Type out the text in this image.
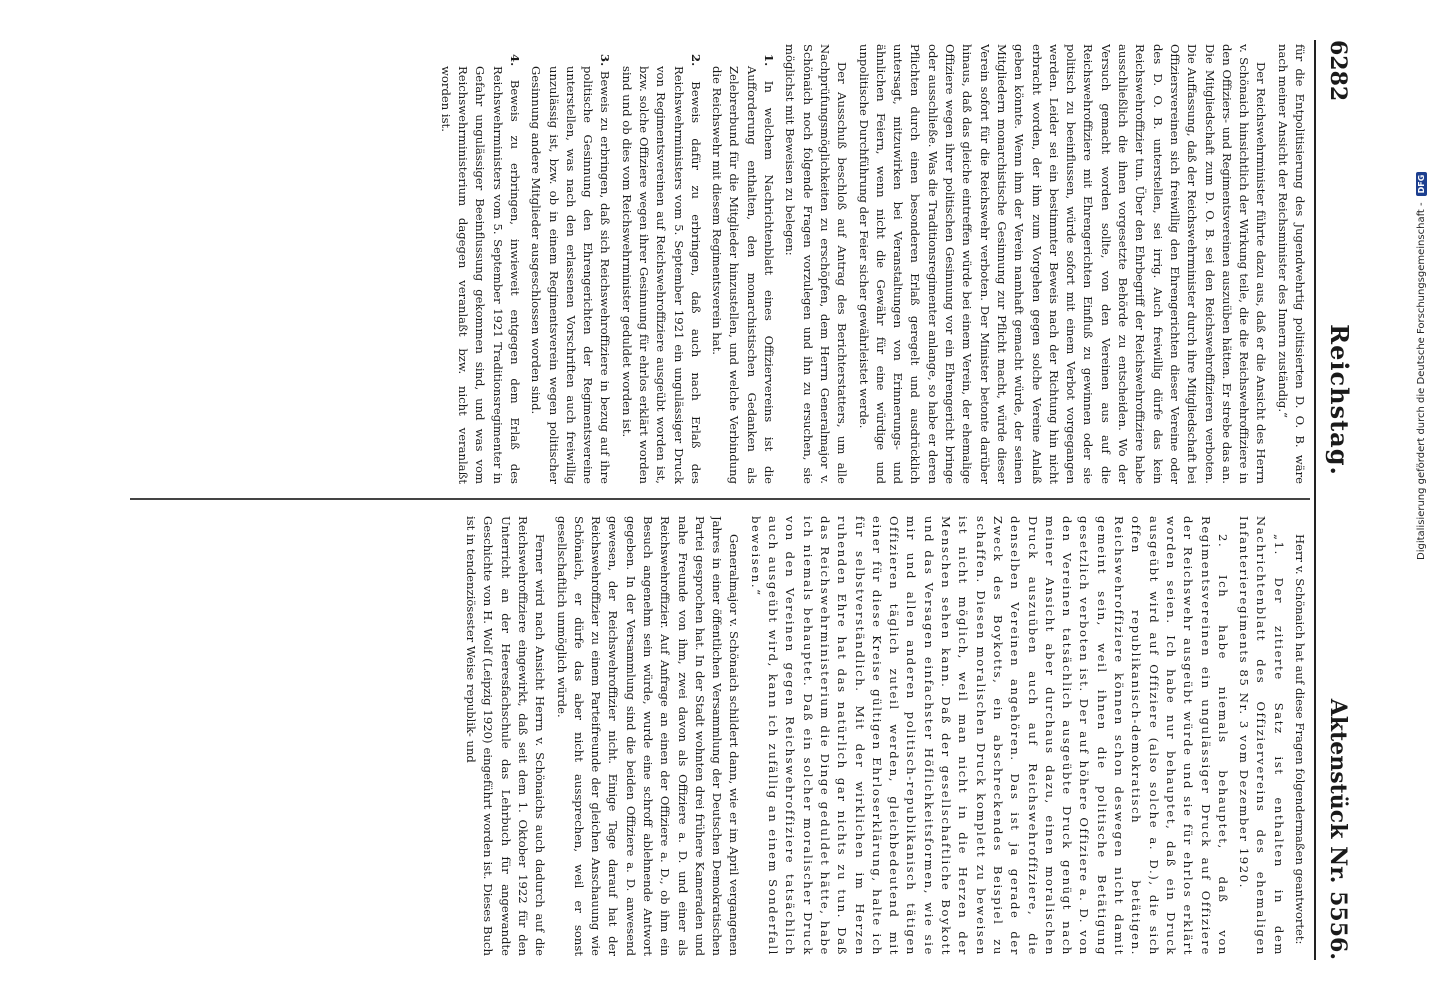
6282
Reichstag.
Aktenstück Nr. 5556.

für die Entpolitisierung des Jugendwehrtig politisierten D. O. B. wäre nach meiner Ansicht der Reichsminister des Innern zuständig.“

Der Reichswehrminister führte dazu aus, daß er die Ansicht des Herrn v. Schönaich hinsichtlich der Wirkung teile, die die Reichswehroffiziere in den Offiziers- und Regimentsvereinen auszuüben hätten. Er strebe das an. Die Mitgliedschaft zum D. O. B. sei den Reichswehroffizieren verboten. Die Auffassung, daß der Reichswehrminister durch ihre Mitgliedschaft bei Offiziersvereinen sich freiwillig den Ehrengerichten dieser Vereine oder des D. O. B. unterstellen, sei irrig. Auch freiwillig dürfe das kein Reichswehroffizier tun. Über den Ehrbegriff der Reichswehroffiziere habe ausschließlich die ihnen vorgesetzte Behörde zu entscheiden. Wo der Versuch gemacht worden sollte, von den Vereinen aus auf die Reichswehroffiziere mit Ehrengerichten Einfluß zu gewinnen oder sie politisch zu beeinflussen, würde sofort mit einem Verbot vorgegangen werden. Leider sei ein bestimmter Beweis nach der Richtung hin nicht erbracht worden, der ihm zum Vorgehen gegen solche Vereine Anlaß geben könnte. Wenn ihm der Verein namhaft gemacht würde, der seinen Mitgliedern monarchistische Gesinnung zur Pflicht macht, würde dieser Verein sofort für die Reichswehr verboten. Der Minister betonte darüber hinaus, daß das gleiche eintreffen würde bei einem Verein, der ehemalige Offiziere wegen ihrer politischen Gesinnung vor ein Ehrengericht bringe oder ausschließe. Was die Traditionsregimenter anlange, so habe er deren Pflichten durch einen besonderen Erlaß geregelt und ausdrücklich untersagt, mitzuwirken bei Veranstaltungen von Erinnerungs- und ähnlichen Feiern, wenn nicht die Gewähr für eine würdige und unpolitische Durchführung der Feier sicher gewährleistet werde.

Der Ausschuß beschloß auf Antrag des Berichterstatters, um alle Nachprüfungsmöglichkeiten zu erschöpfen, dem Herrn Generalmajor v. Schönaich noch folgende Fragen vorzulegen und ihn zu ersuchen, sie möglichst mit Beweisen zu belegen:

1. In welchem Nachrichtenblatt eines Offiziervereins ist die Aufforderung enthalten, den monarchistischen Gedanken als Zelebrerbund für die Mitglieder hinzustellen, und welche Verbindung die Reichswehr mit diesem Regimentsverein hat.
2. Beweis dafür zu erbringen, daß auch nach Erlaß des Reichswehrministers vom 5. September 1921 ein ungulässiger Druck von Regimentsvereinen auf Reichswehroffiziere ausgeübt worden ist, bzw. solche Offiziere wegen ihrer Gesinnung für ehrlos erklärt worden sind und ob dies vom Reichswehrminister geduldet worden ist.
3. Beweis zu erbringen, daß sich Reichswehroffiziere in bezug auf ihre politische Gesinnung den Ehrengerichten der Regimentsvereine unterstellen, was nach den erlassenen Vorschriften auch freiwillig unzulässig ist, bzw. ob in einem Regimentsverein wegen politischer Gesinnung andere Mitglieder ausgeschlossen worden sind.
4. Beweis zu erbringen, inwieweit entgegen dem Erlaß des Reichswehrministers vom 5. September 1921 Traditionsregimenter in Gefahr ungulässiger Beeinflussung gekommen sind, und was vom Reichswehrministerium dagegen veranlaßt bzw. nicht veranlaßt worden ist.

Herr v. Schönaich hat auf diese Fragen folgendermaßen geantwortet:

„1. Der zitierte Satz ist enthalten in dem Nachrichtenblatt des Offiziervereins des ehemaligen Infanterieregiments 85 Nr. 3 vom Dezember 1920.

2. Ich habe niemals behauptet, daß von Regimentsvereinen ein ungulässiger Druck auf Offiziere der Reichswehr ausgeübt würde und sie für ehrlos erklärt worden seien. Ich habe nur behauptet, daß ein Druck ausgeübt wird auf Offiziere (also solche a. D.), die sich offen republikanisch-demokratisch betätigen. Reichswehroffiziere können schon deswegen nicht damit gemeint sein, weil ihnen die politische Betätigung gesetzlich verboten ist. Der auf höhere Offiziere a. D. von den Vereinen tatsächlich ausgeübte Druck genügt nach meiner Ansicht aber durchaus dazu, einen moralischen Druck auszuüben auch auf Reichswehroffiziere, die denselben Vereinen angehören. Das ist ja gerade der Zweck des Boykotts, ein abschreckendes Beispiel zu schaffen. Diesen moralischen Druck komplett zu beweisen ist nicht möglich, weil man nicht in die Herzen der Menschen sehen kann. Daß der gesellschaftliche Boykott und das Versagen einfachster Höflichkeitsformen, wie sie mir und allen anderen politisch-republikanisch tätigen Offizieren täglich zuteil werden, gleichbedeutend mit einer für diese Kreise gültigen Ehrloserklärung, halte ich für selbstverständlich. Mit der wirklichen im Herzen ruhenden Ehre hat das natürlich gar nichts zu tun. Daß das Reichswehrministerium die Dinge geduldet hätte, habe ich niemals behauptet. Daß ein solcher moralischer Druck von den Vereinen gegen Reichswehroffiziere tatsächlich auch ausgeübt wird, kann ich zufällig an einem Sonderfall beweisen.“

Generalmajor v. Schönaich schildert dann, wie er im April vergangenen Jahres in einer öffentlichen Versammlung der Deutschen Demokratischen Partei gesprochen hat. In der Stadt wohnten drei frühere Kameraden und nahe Freunde von ihm, zwei davon als Offiziere a. D. und einer als Reichswehroffizier. Auf Anfrage an einen der Offiziere a. D., ob ihm ein Besuch angenehm sein würde, wurde eine schroff ablehnende Antwort gegeben. In der Versammlung sind die beiden Offiziere a. D. anwesend gewesen, der Reichswehroffizier nicht. Einige Tage darauf hat der Reichswehroffizier zu einem Parteifreunde der gleichen Anschauung wie Schönaich, er dürfe das aber nicht aussprechen, weil er sonst gesellschaftlich unmöglich würde.

Ferner wird nach Ansicht Herrn v. Schönaichs auch dadurch auf die Reichswehroffiziere eingewirkt, daß seit dem 1. Oktober 1922 für den Unterricht an der Heeresfachschule das Lehrbuch für angewandte Geschichte von H. Wolf (Leipzig 1920) eingeführt worden ist. Dieses Buch ist in tendenziösester Weise republik- und

Digitalisierung gefördert durch die Deutsche Forschungsgemeinschaft -
DFG
